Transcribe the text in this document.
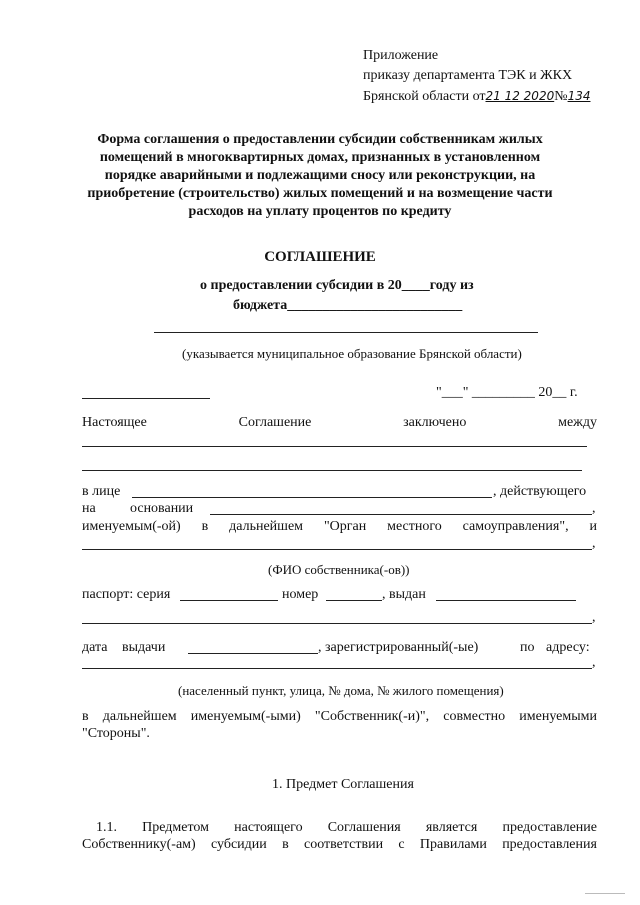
Приложение
приказу департамента ТЭК и ЖКХ
Брянской области от21 12 2020№134
Форма соглашения о предоставлении субсидии собственникам жилых
помещений в многоквартирных домах, признанных в установленном
порядке аварийными и подлежащими сносу или реконструкции, на
приобретение (строительство) жилых помещений и на возмещение части
расходов на уплату процентов по кредиту
СОГЛАШЕНИЕ
о предоставлении субсидии в 20____году из
бюджета_________________________
(указывается муниципальное образование Брянской области)
"___" _________ 20__ г.
Настоящее	Соглашение	заключено	между
в лице	, действующего
на основании	,
именуемым(-ой) в дальнейшем "Орган местного самоуправления", и
,
(ФИО собственника(-ов))
паспорт: серия	номер	, выдан
,
дата выдачи	, зарегистрированный(-ые)	по адресу:
,
(населенный пункт, улица, № дома, № жилого помещения)
в дальнейшем именуемым(-ыми) "Собственник(-и)", совместно именуемыми
"Стороны".
1. Предмет Соглашения
1.1. Предметом настоящего Соглашения является предоставление
Собственнику(-ам) субсидии в соответствии с Правилами предоставления
